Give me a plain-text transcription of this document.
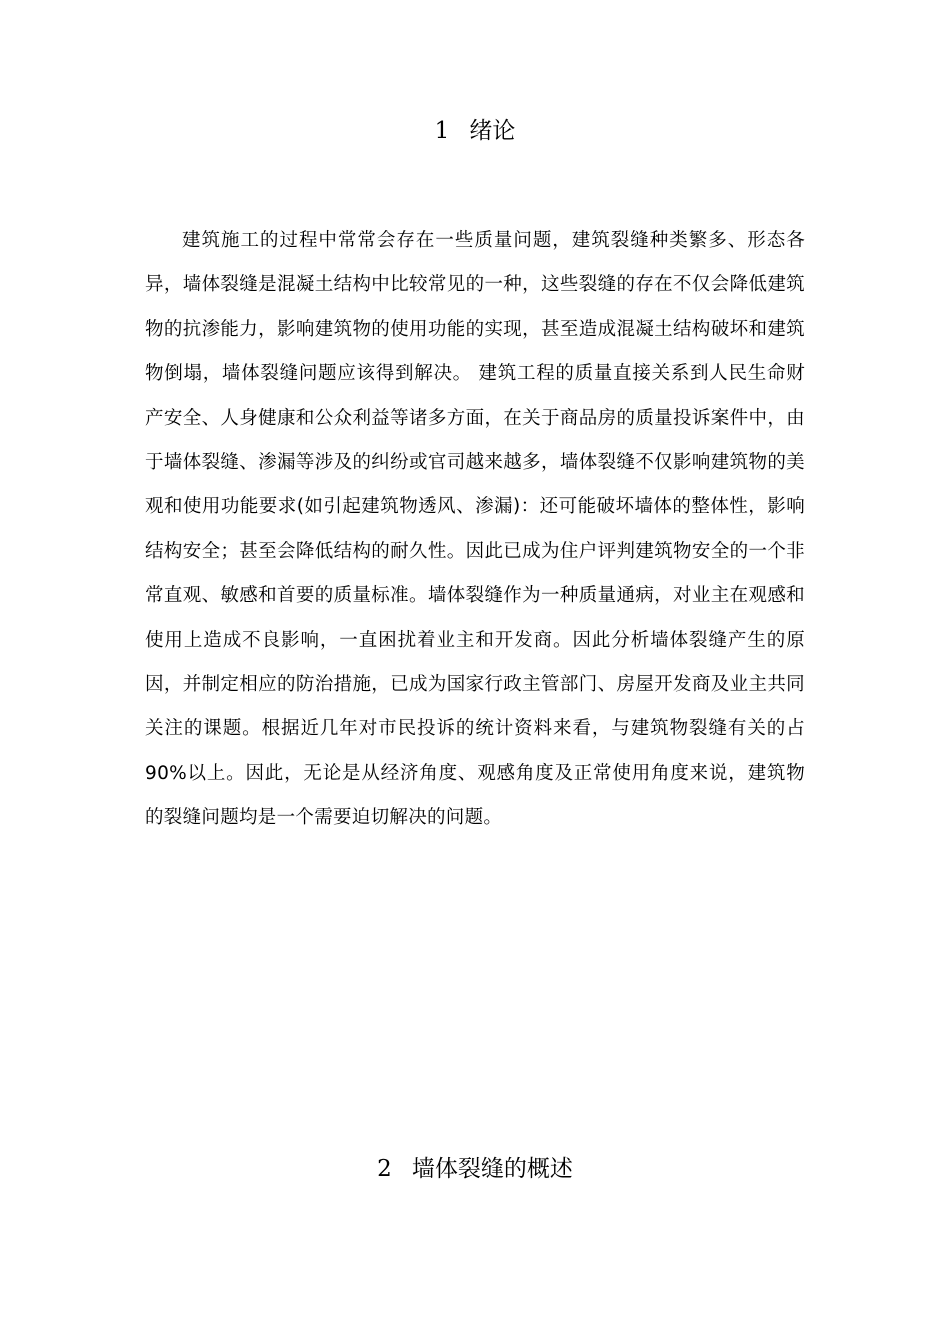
1 绪论

建筑施工的过程中常常会存在一些质量问题，建筑裂缝种类繁多、形态各异，墙体裂缝是混凝土结构中比较常见的一种，这些裂缝的存在不仅会降低建筑物的抗渗能力，影响建筑物的使用功能的实现，甚至造成混凝土结构破坏和建筑物倒塌，墙体裂缝问题应该得到解决。 建筑工程的质量直接关系到人民生命财产安全、人身健康和公众利益等诸多方面，在关于商品房的质量投诉案件中，由于墙体裂缝、渗漏等涉及的纠纷或官司越来越多，墙体裂缝不仅影响建筑物的美观和使用功能要求(如引起建筑物透风、渗漏)：还可能破坏墙体的整体性，影响结构安全；甚至会降低结构的耐久性。因此已成为住户评判建筑物安全的一个非常直观、敏感和首要的质量标准。墙体裂缝作为一种质量通病，对业主在观感和使用上造成不良影响，一直困扰着业主和开发商。因此分析墙体裂缝产生的原因，并制定相应的防治措施，已成为国家行政主管部门、房屋开发商及业主共同关注的课题。根据近几年对市民投诉的统计资料来看，与建筑物裂缝有关的占 90%以上。因此，无论是从经济角度、观感角度及正常使用角度来说，建筑物的裂缝问题均是一个需要迫切解决的问题。

2 墙体裂缝的概述
